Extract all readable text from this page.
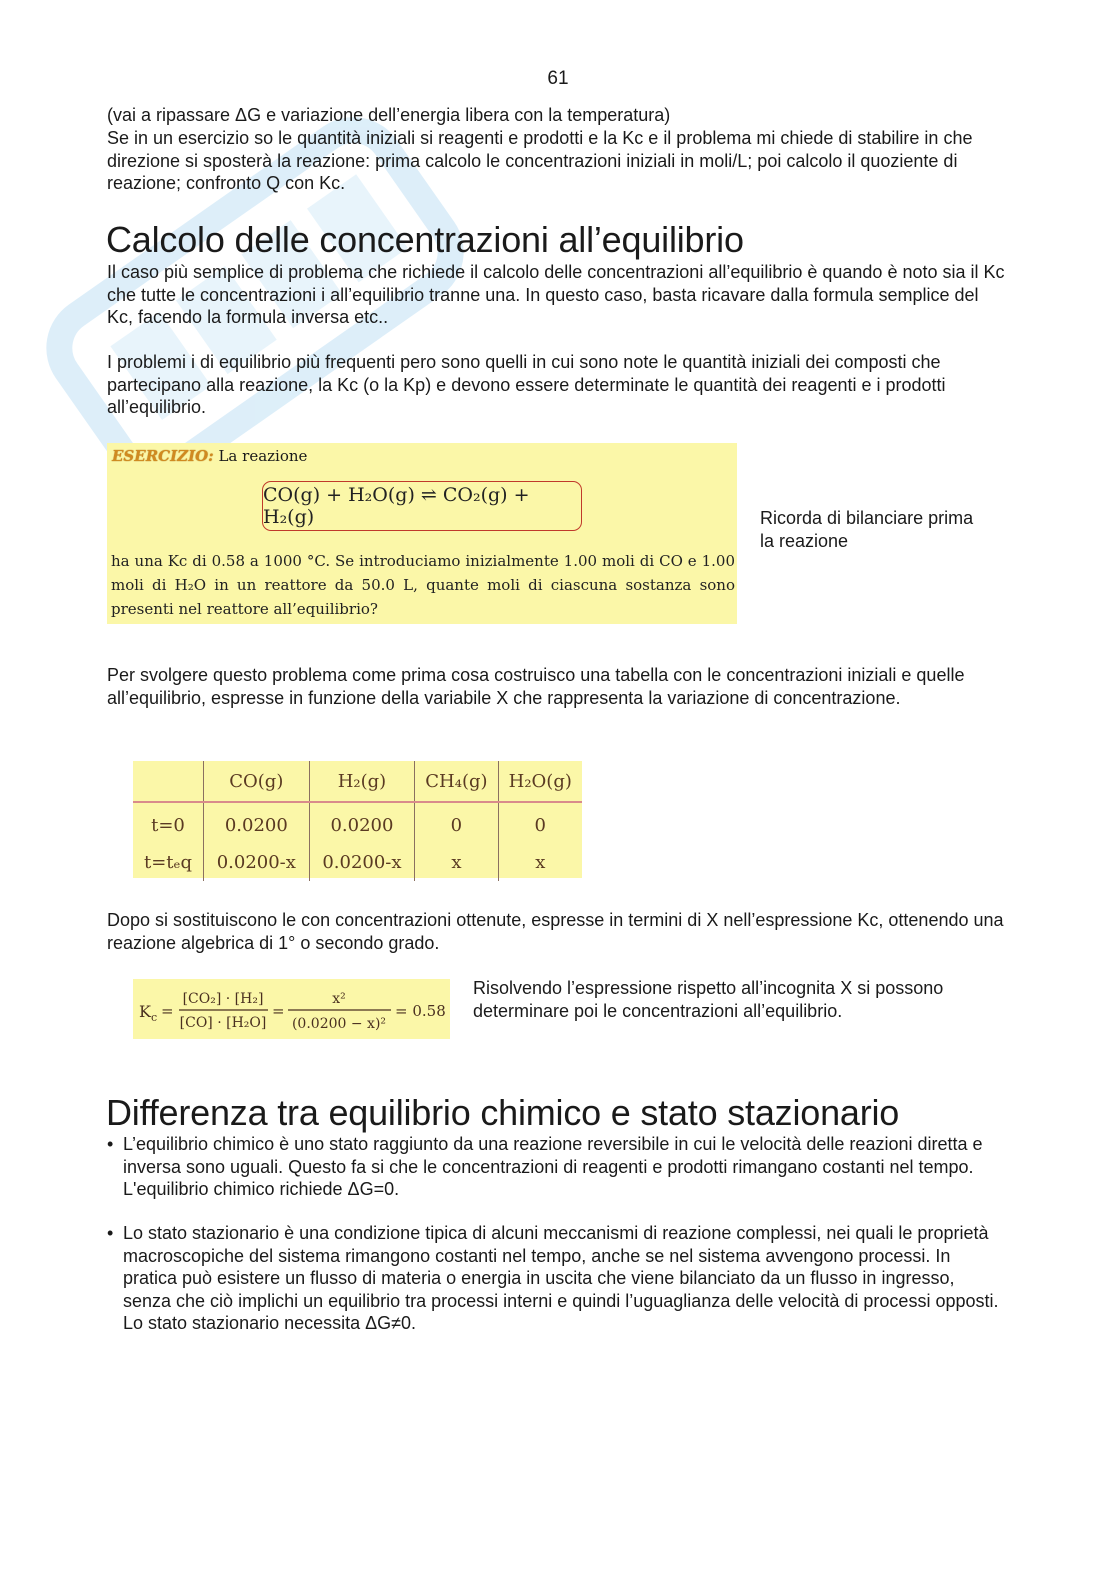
61
(vai a ripassare ΔG e variazione dell’energia libera con la temperatura)
Se in un esercizio so le quantità iniziali si reagenti e prodotti e la Kc e il problema mi chiede di stabilire in che direzione si sposterà la reazione: prima calcolo le concentrazioni iniziali in moli/L; poi calcolo il quoziente di reazione; confronto Q con Kc.
Calcolo delle concentrazioni all’equilibrio
Il caso più semplice di problema che richiede il calcolo delle concentrazioni all’equilibrio è quando è noto sia il Kc che tutte le concentrazioni i all’equilibrio tranne una. In questo caso, basta ricavare dalla formula semplice del Kc, facendo la formula inversa etc..
I problemi i di equilibrio più frequenti pero sono quelli in cui sono note le quantità iniziali dei composti che partecipano alla reazione, la Kc (o la Kp) e devono essere determinate le quantità dei reagenti e i prodotti all’equilibrio.
ESERCIZIO: La reazione
CO(g) + H₂O(g) ⇌ CO₂(g) + H₂(g)
ha una Kc di 0.58 a 1000 °C. Se introduciamo inizialmente 1.00 moli di CO e 1.00 moli di H₂O in un reattore da 50.0 L, quante moli di ciascuna sostanza sono presenti nel reattore all’equilibrio?
Ricorda di bilanciare prima la reazione
Per svolgere questo problema come prima cosa costruisco una tabella con le concentrazioni iniziali e quelle all’equilibrio, espresse in funzione della variabile X che rappresenta la variazione di concentrazione.
	CO(g)	H₂(g)	CH₄(g)	H₂O(g)
t=0	0.0200	0.0200	0	0
t=tₑq	0.0200-x	0.0200-x	x	x
Dopo si sostituiscono le con concentrazioni ottenute, espresse in termini di X nell’espressione Kc, ottenendo una reazione algebrica di 1° o secondo grado.
K c =
[CO₂] · [H₂]
[CO] · [H₂O]
=
x²
(0.0200 − x)²
= 0.58
Risolvendo l’espressione rispetto all’incognita X si possono determinare poi le concentrazioni all’equilibrio.
Differenza tra equilibrio chimico e stato stazionario
• L’equilibrio chimico è uno stato raggiunto da una reazione reversibile in cui le velocità delle reazioni diretta e inversa sono uguali. Questo fa si che le concentrazioni di reagenti e prodotti rimangano costanti nel tempo. L'equilibrio chimico richiede ΔG=0.
• Lo stato stazionario è una condizione tipica di alcuni meccanismi di reazione complessi, nei quali le proprietà macroscopiche del sistema rimangono costanti nel tempo, anche se nel sistema avvengono processi. In pratica può esistere un flusso di materia o energia in uscita che viene bilanciato da un flusso in ingresso, senza che ciò implichi un equilibrio tra processi interni e quindi l’uguaglianza delle velocità di processi opposti. Lo stato stazionario necessita ΔG≠0.
